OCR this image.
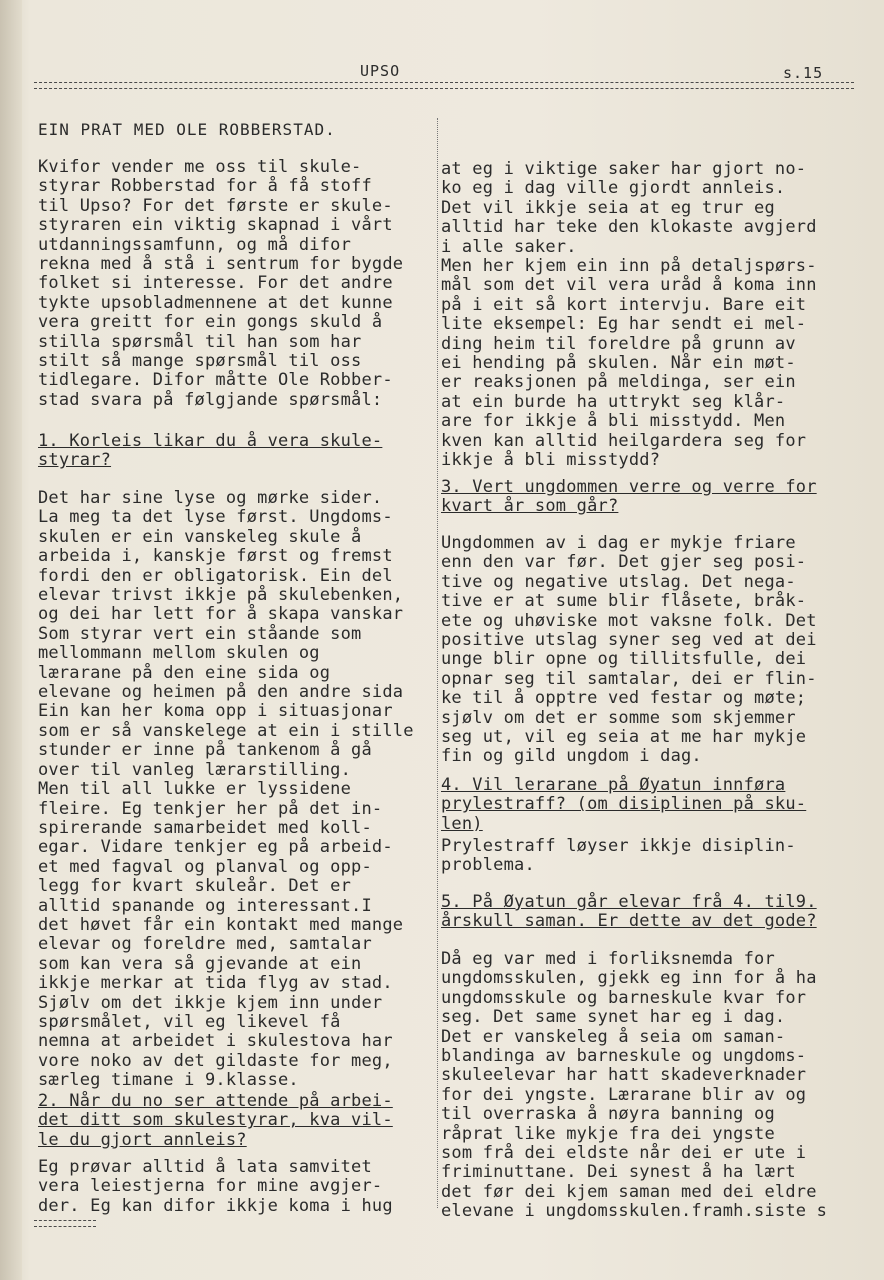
UPSO	s.15

EIN PRAT MED OLE ROBBERSTAD.

Kvifor vender me oss til skule-
styrar Robberstad for å få stoff
til Upso? For det første er skule-
styraren ein viktig skapnad i vårt
utdanningssamfunn, og må difor
rekna med å stå i sentrum for bygde
folket si interesse. For det andre
tykte upsobladmennene at det kunne
vera greitt for ein gongs skuld å
stilla spørsmål til han som har
stilt så mange spørsmål til oss
tidlegare. Difor måtte Ole Robber-
stad svara på følgjande spørsmål:

1. Korleis likar du å vera skule-
styrar?

Det har sine lyse og mørke sider.
La meg ta det lyse først. Ungdoms-
skulen er ein vanskeleg skule å
arbeida i, kanskje først og fremst
fordi den er obligatorisk. Ein del
elevar trivst ikkje på skulebenken,
og dei har lett for å skapa vanskar
Som styrar vert ein ståande som
mellommann mellom skulen og
lærarane på den eine sida og
elevane og heimen på den andre sida
Ein kan her koma opp i situasjonar
som er så vanskelege at ein i stille
stunder er inne på tankenom å gå
over til vanleg lærarstilling.
Men til all lukke er lyssidene
fleire. Eg tenkjer her på det in-
spirerande samarbeidet med koll-
egar. Vidare tenkjer eg på arbeid-
et med fagval og planval og opp-
legg for kvart skuleår. Det er
alltid spanande og interessant.I
det høvet får ein kontakt med mange
elevar og foreldre med, samtalar
som kan vera så gjevande at ein
ikkje merkar at tida flyg av stad.
Sjølv om det ikkje kjem inn under
spørsmålet, vil eg likevel få
nemna at arbeidet i skulestova har
vore noko av det gildaste for meg,
særleg timane i 9.klasse.

2. Når du no ser attende på arbei-
det ditt som skulestyrar, kva vil-
le du gjort annleis?

Eg prøvar alltid å lata samvitet
vera leiestjerna for mine avgjer-
der. Eg kan difor ikkje koma i hug

at eg i viktige saker har gjort no-
ko eg i dag ville gjordt annleis.
Det vil ikkje seia at eg trur eg
alltid har teke den klokaste avgjerd
i alle saker.
Men her kjem ein inn på detaljspørs-
mål som det vil vera uråd å koma inn
på i eit så kort intervju. Bare eit
lite eksempel: Eg har sendt ei mel-
ding heim til foreldre på grunn av
ei hending på skulen. Når ein møt-
er reaksjonen på meldinga, ser ein
at ein burde ha uttrykt seg klår-
are for ikkje å bli misstydd. Men
kven kan alltid heilgardera seg for
ikkje å bli misstydd?

3. Vert ungdommen verre og verre for
kvart år som går?

Ungdommen av i dag er mykje friare
enn den var før. Det gjer seg posi-
tive og negative utslag. Det nega-
tive er at sume blir flåsete, bråk-
ete og uhøviske mot vaksne folk. Det
positive utslag syner seg ved at dei
unge blir opne og tillitsfulle, dei
opnar seg til samtalar, dei er flin-
ke til å opptre ved festar og møte;
sjølv om det er somme som skjemmer
seg ut, vil eg seia at me har mykje
fin og gild ungdom i dag.

4. Vil lerarane på Øyatun innføra
prylestraff? (om disiplinen på sku-
len)

Prylestraff løyser ikkje disiplin-
problema.

5. På Øyatun går elevar frå 4. til9.
årskull saman. Er dette av det gode?

Då eg var med i forliksnemda for
ungdomsskulen, gjekk eg inn for å ha
ungdomsskule og barneskule kvar for
seg. Det same synet har eg i dag.
Det er vanskeleg å seia om saman-
blandinga av barneskule og ungdoms-
skuleelevar har hatt skadeverknader
for dei yngste. Lærarane blir av og
til overraska å nøyra banning og
råprat like mykje fra dei yngste
som frå dei eldste når dei er ute i
friminuttane. Dei synest å ha lært
det før dei kjem saman med dei eldre
elevane i ungdomsskulen.framh.siste s
